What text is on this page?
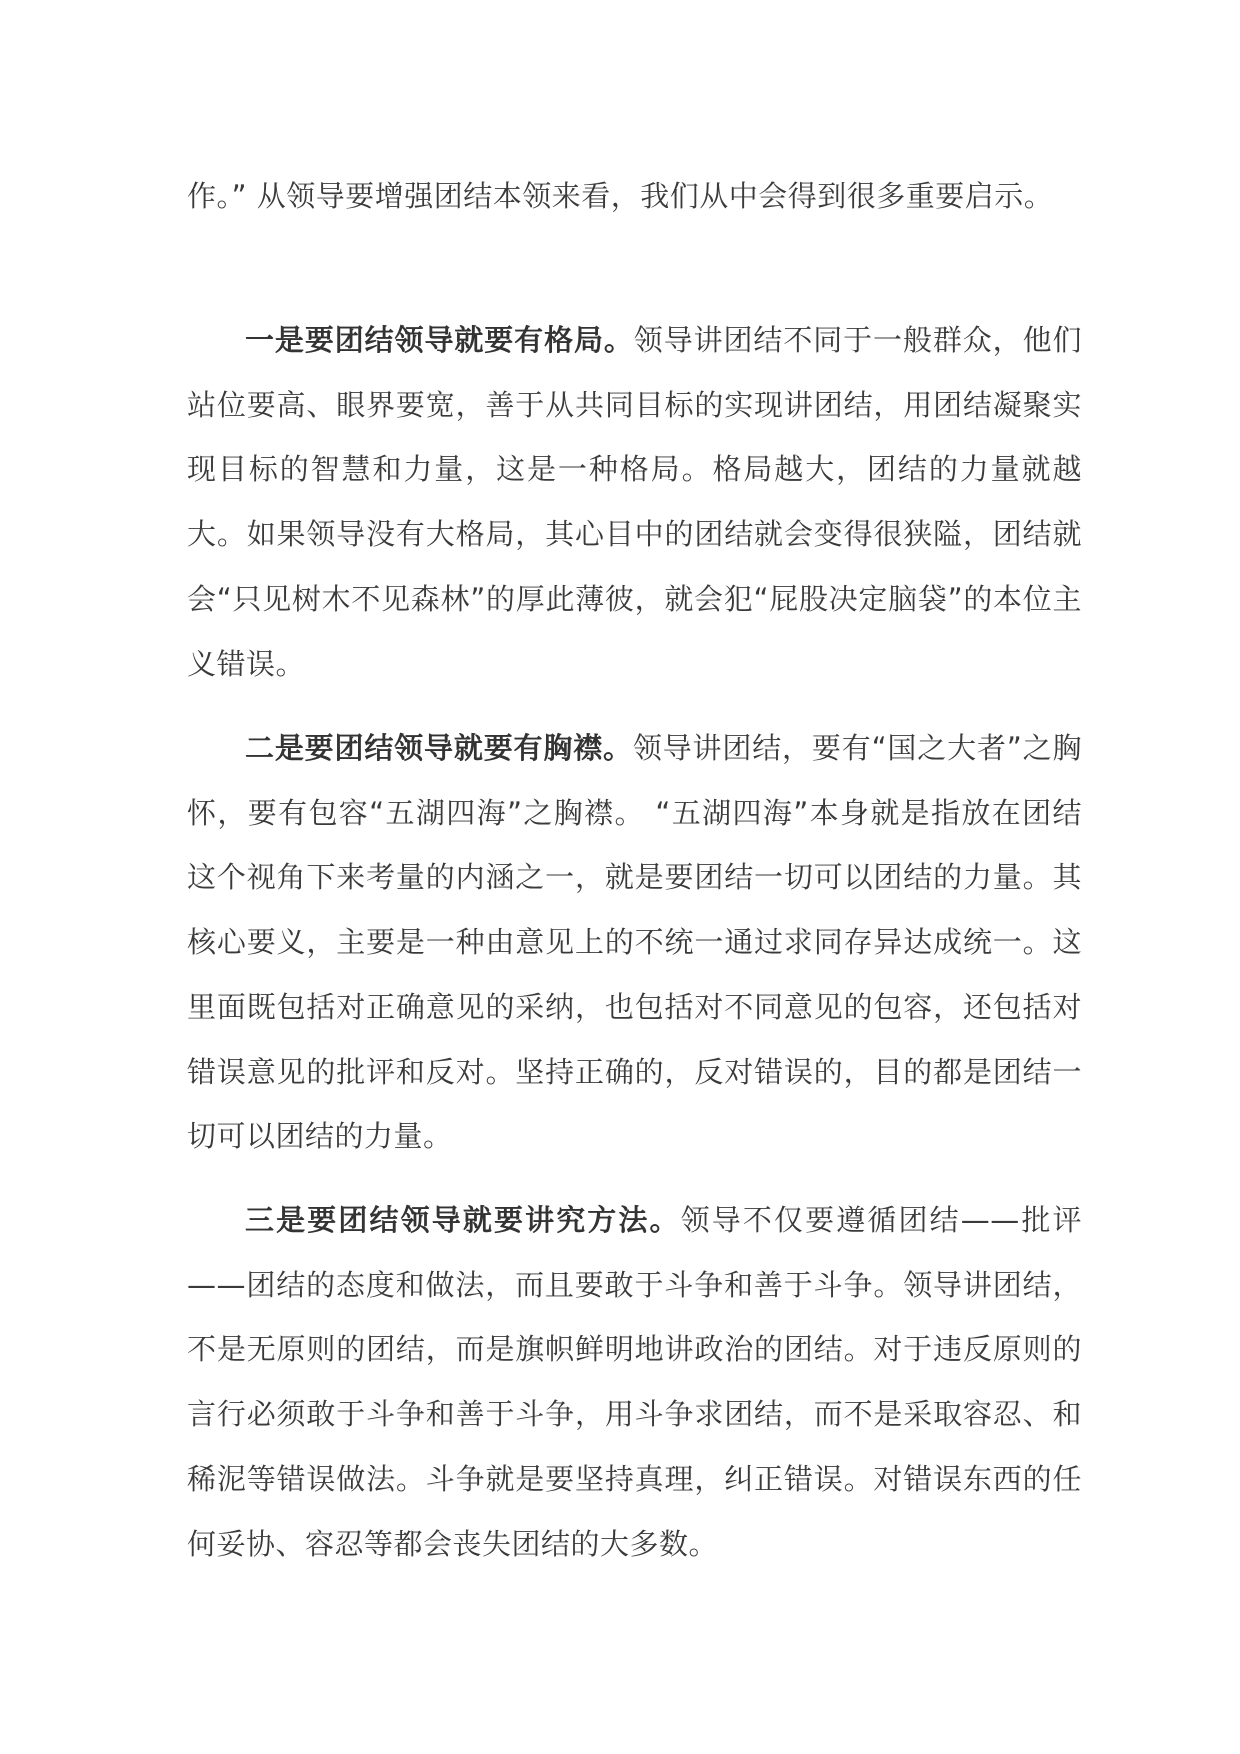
作。” 从领导要增强团结本领来看，我们从中会得到很多重要启示。

一是要团结领导就要有格局。领导讲团结不同于一般群众，他们站位要高、眼界要宽，善于从共同目标的实现讲团结，用团结凝聚实现目标的智慧和力量，这是一种格局。格局越大，团结的力量就越大。如果领导没有大格局，其心目中的团结就会变得很狭隘，团结就会“只见树木不见森林”的厚此薄彼，就会犯“屁股决定脑袋”的本位主义错误。

二是要团结领导就要有胸襟。领导讲团结，要有“国之大者”之胸怀，要有包容“五湖四海”之胸襟。 “五湖四海”本身就是指放在团结这个视角下来考量的内涵之一，就是要团结一切可以团结的力量。其核心要义，主要是一种由意见上的不统一通过求同存异达成统一。这里面既包括对正确意见的采纳，也包括对不同意见的包容，还包括对错误意见的批评和反对。坚持正确的，反对错误的，目的都是团结一切可以团结的力量。

三是要团结领导就要讲究方法。领导不仅要遵循团结——批评——团结的态度和做法，而且要敢于斗争和善于斗争。领导讲团结，不是无原则的团结，而是旗帜鲜明地讲政治的团结。对于违反原则的言行必须敢于斗争和善于斗争，用斗争求团结，而不是采取容忍、和稀泥等错误做法。斗争就是要坚持真理，纠正错误。对错误东西的任何妥协、容忍等都会丧失团结的大多数。
